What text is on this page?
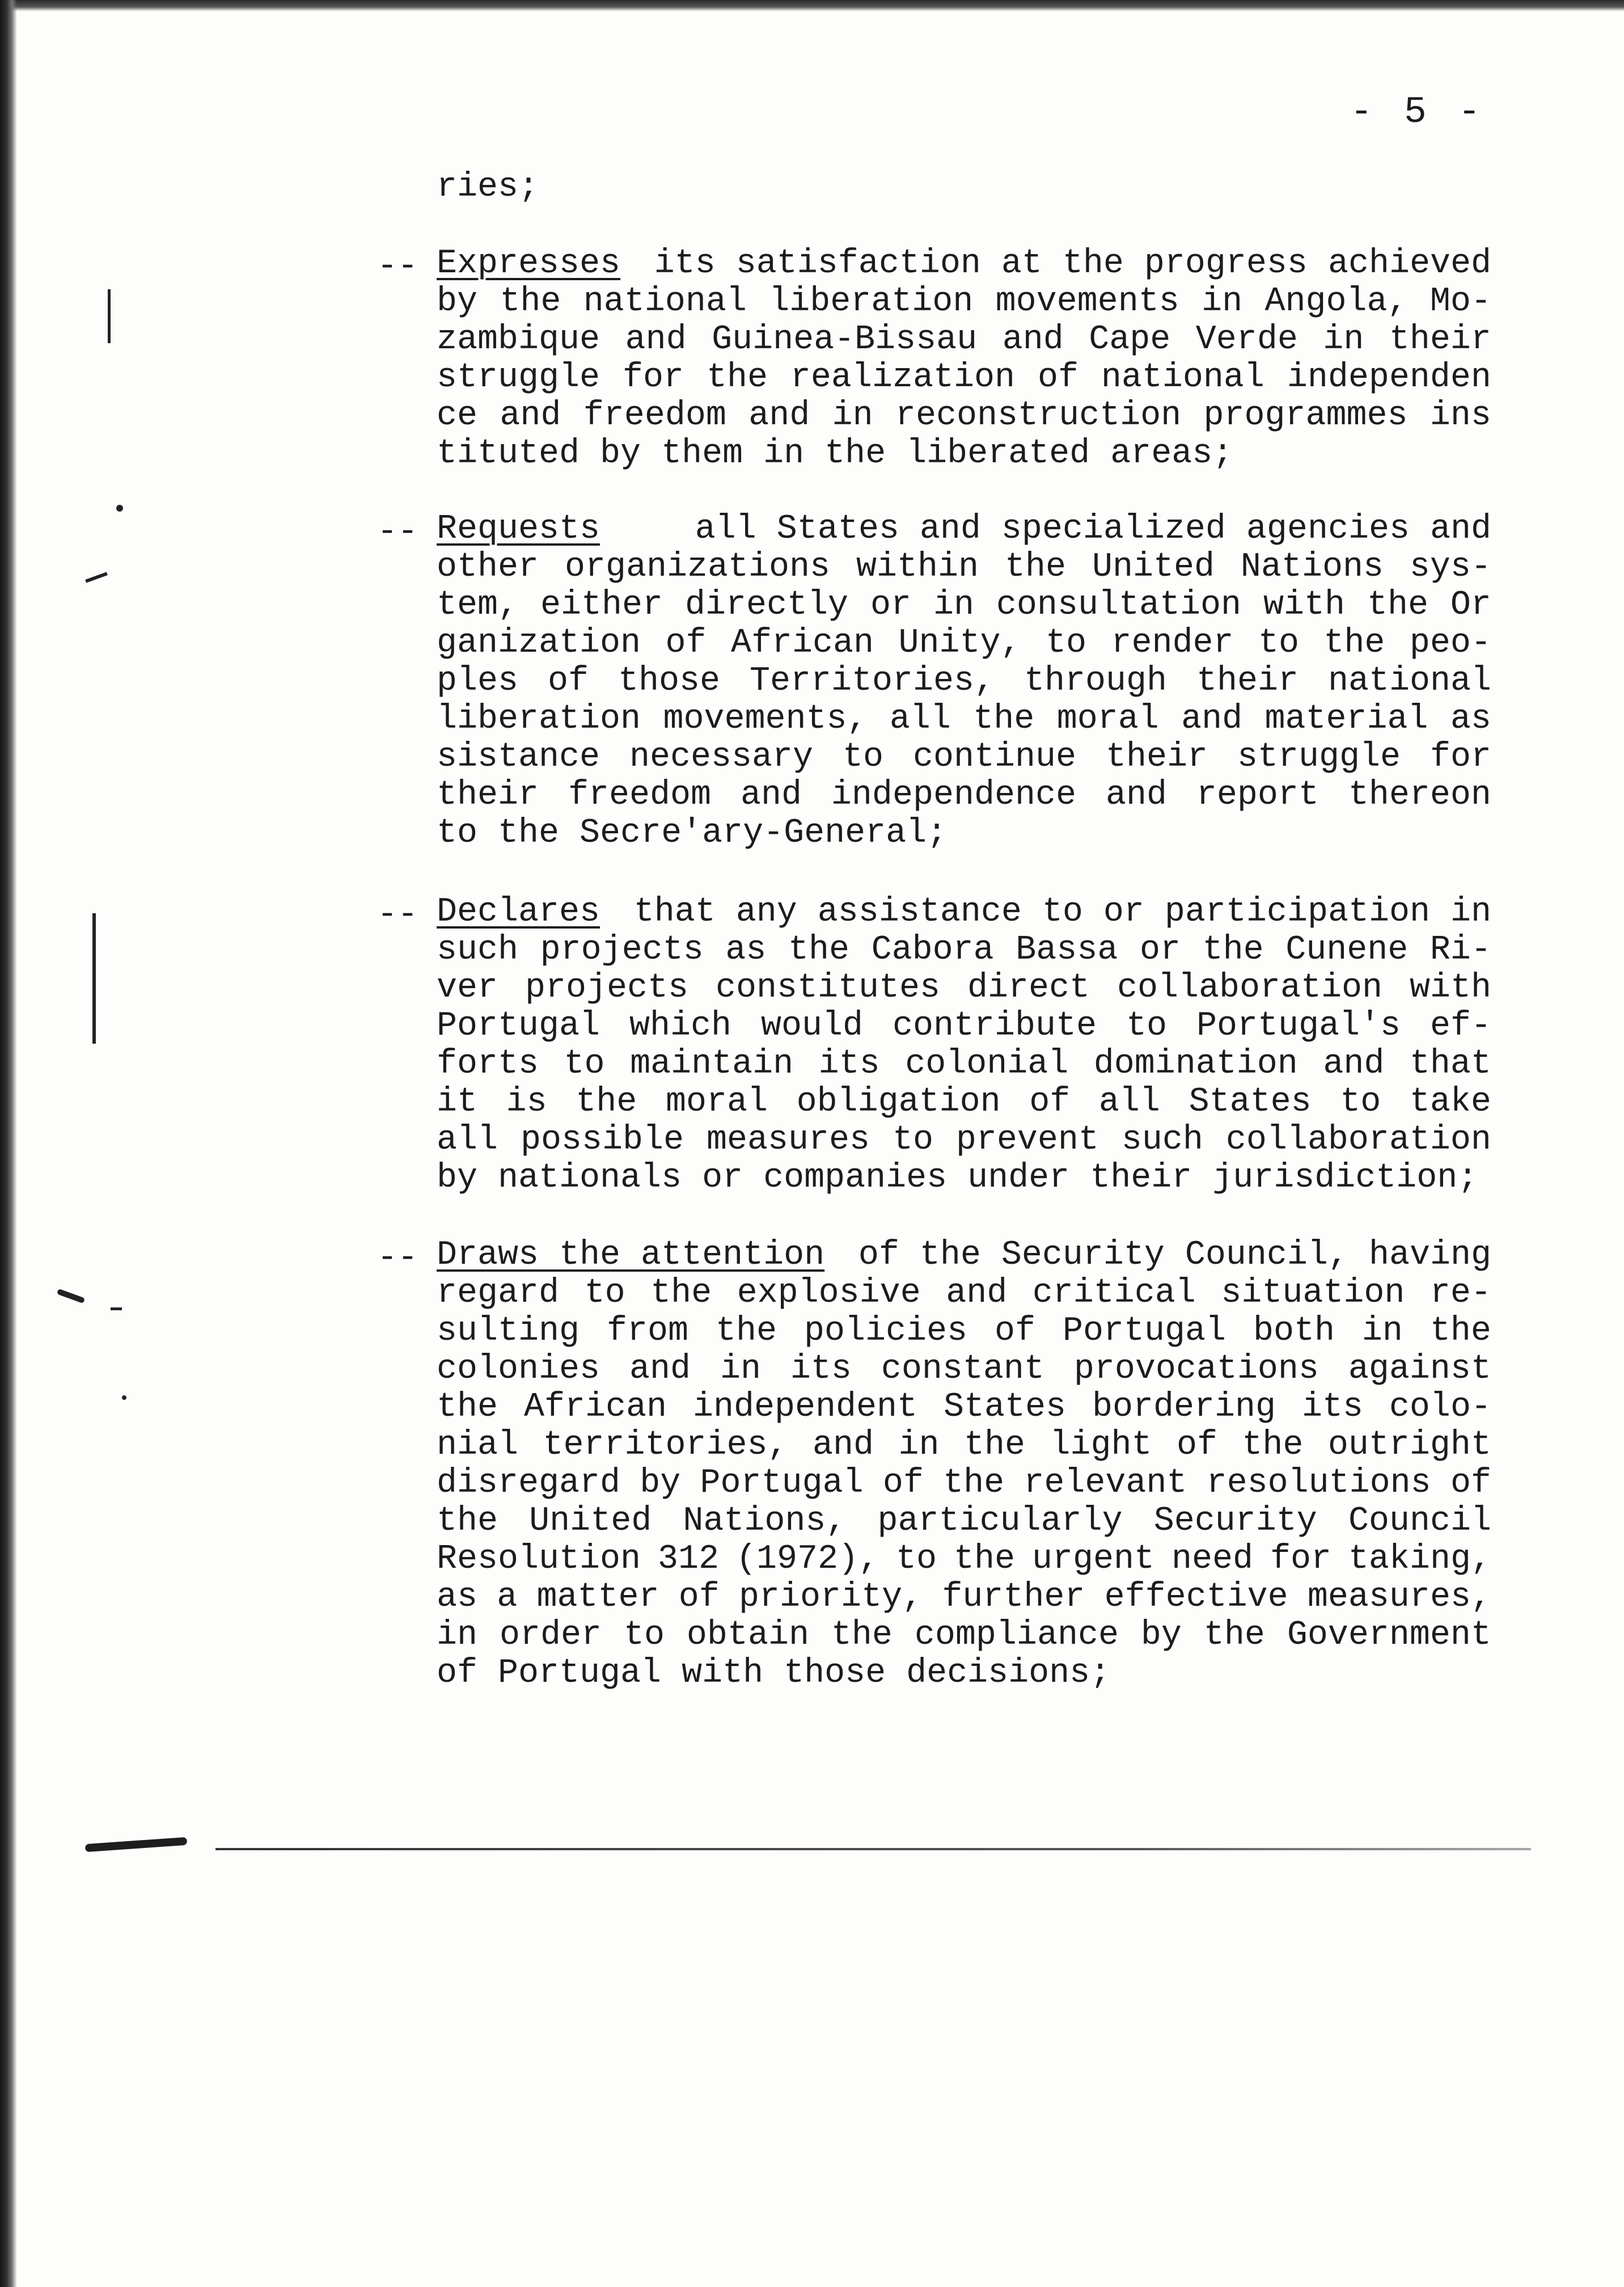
- 5 -

ries;

-- Expresses its satisfaction at the progress achieved
by the national liberation movements in Angola, Mo-
zambique and Guinea-Bissau and Cape Verde in their
struggle for the realization of national independen
ce and freedom and in reconstruction programmes ins
tituted by them in the liberated areas;
-- Requests	all States and specialized agencies and
other organizations within the United Nations sys-
tem, either directly or in consultation with the Or
ganization of African Unity, to render to the peo-
ples of those Territories, through their national
liberation movements, all the moral and material as
sistance necessary to continue their struggle for
their freedom and independence and report thereon
to the Secre'ary-General;
-- Declares that any assistance to or participation in
such projects as the Cabora Bassa or the Cunene Ri-
ver projects constitutes direct collaboration with
Portugal which would contribute to Portugal's ef-
forts to maintain its colonial domination and that
it is the moral obligation of all States to take
all possible measures to prevent such collaboration
by nationals or companies under their jurisdiction;
-- Draws the attention of the Security Council, having
regard to the explosive and critical situation re-
sulting from the policies of Portugal both in the
colonies and in its constant provocations against
the African independent States bordering its colo-
nial territories, and in the light of the outright
disregard by Portugal of the relevant resolutions of
the United Nations, particularly Security Council
Resolution 312 (1972), to the urgent need for taking,
as a matter of priority, further effective measures,
in order to obtain the compliance by the Government
of Portugal with those decisions;
